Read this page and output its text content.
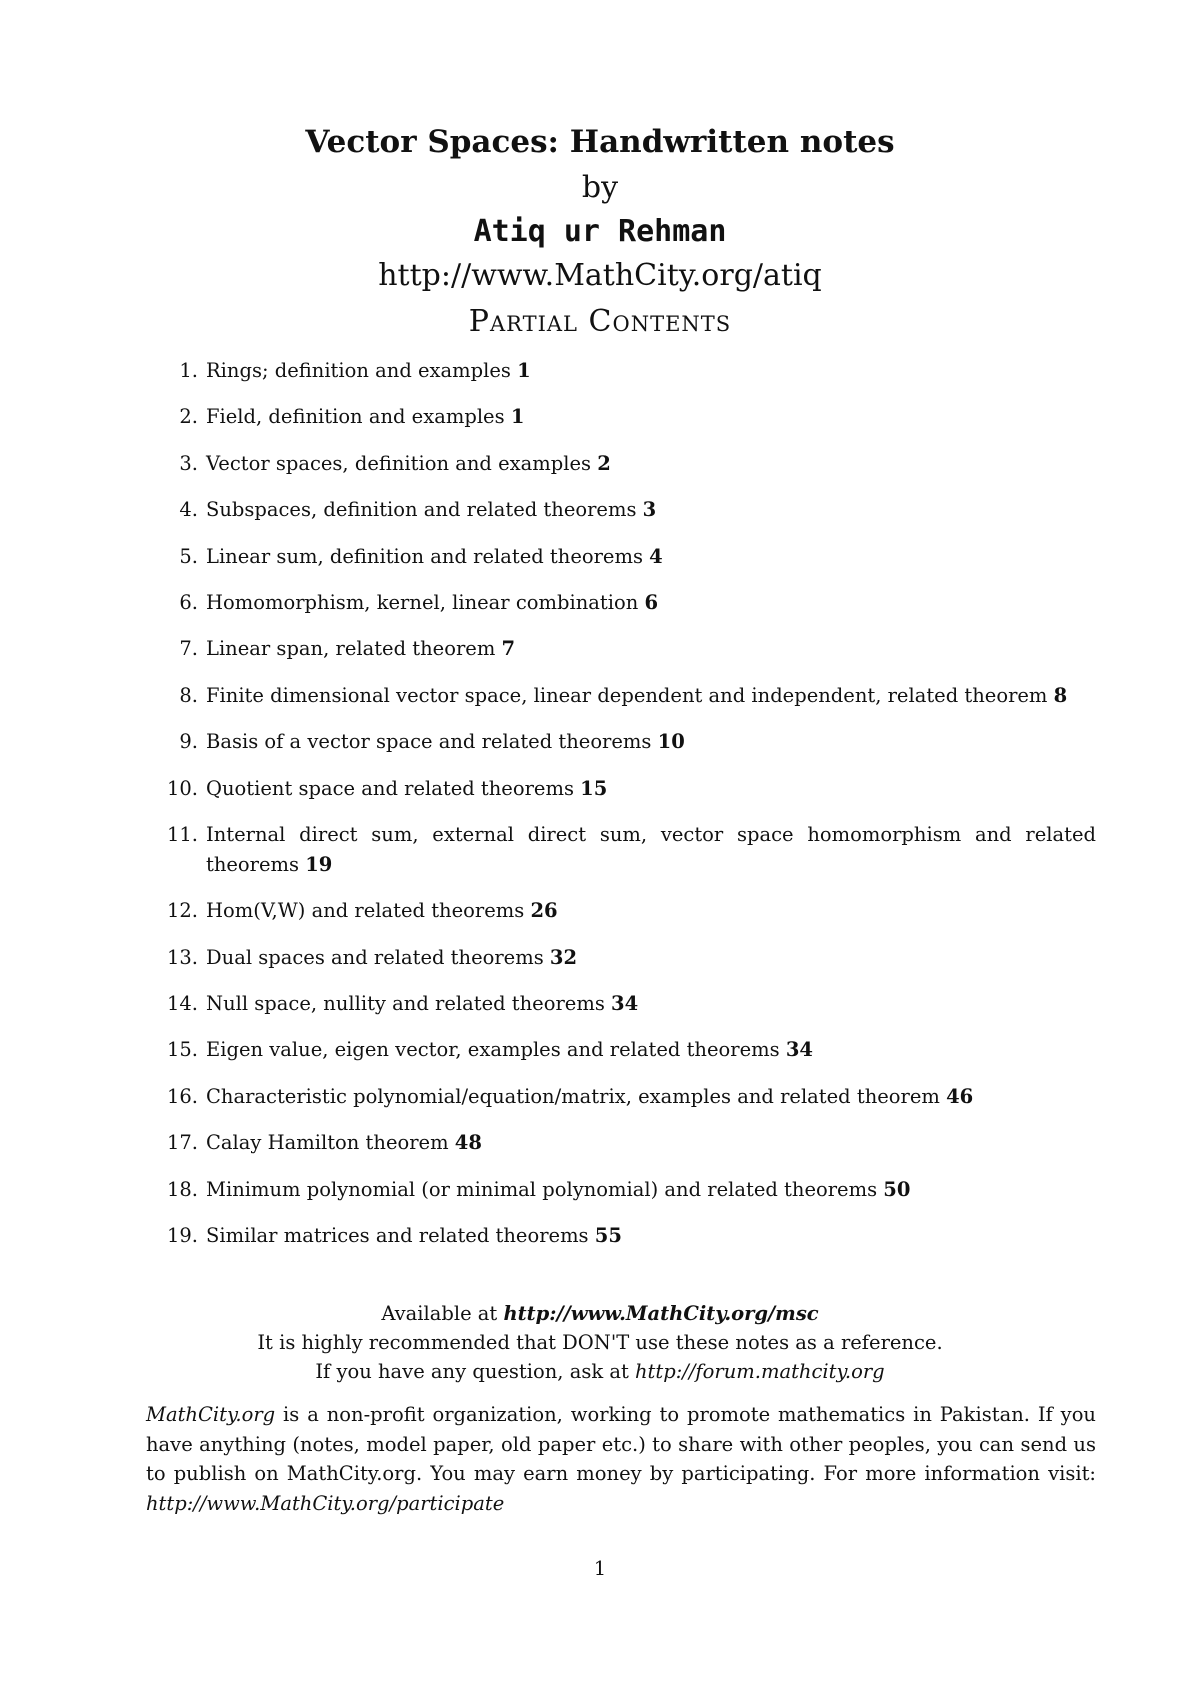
Vector Spaces: Handwritten notes
by
Atiq ur Rehman
http://www.MathCity.org/atiq
Partial Contents
1. Rings; definition and examples 1
2. Field, definition and examples 1
3. Vector spaces, definition and examples 2
4. Subspaces, definition and related theorems 3
5. Linear sum, definition and related theorems 4
6. Homomorphism, kernel, linear combination 6
7. Linear span, related theorem 7
8. Finite dimensional vector space, linear dependent and independent, related theorem 8
9. Basis of a vector space and related theorems 10
10. Quotient space and related theorems 15
11. Internal direct sum, external direct sum, vector space homomorphism and related theorems 19
12. Hom(V,W) and related theorems 26
13. Dual spaces and related theorems 32
14. Null space, nullity and related theorems 34
15. Eigen value, eigen vector, examples and related theorems 34
16. Characteristic polynomial/equation/matrix, examples and related theorem 46
17. Calay Hamilton theorem 48
18. Minimum polynomial (or minimal polynomial) and related theorems 50
19. Similar matrices and related theorems 55
Available at http://www.MathCity.org/msc
It is highly recommended that DON'T use these notes as a reference.
If you have any question, ask at http://forum.mathcity.org

MathCity.org is a non-profit organization, working to promote mathematics in Pakistan. If you have anything (notes, model paper, old paper etc.) to share with other peoples, you can send us to publish on MathCity.org. You may earn money by participating. For more information visit: http://www.MathCity.org/participate

1
